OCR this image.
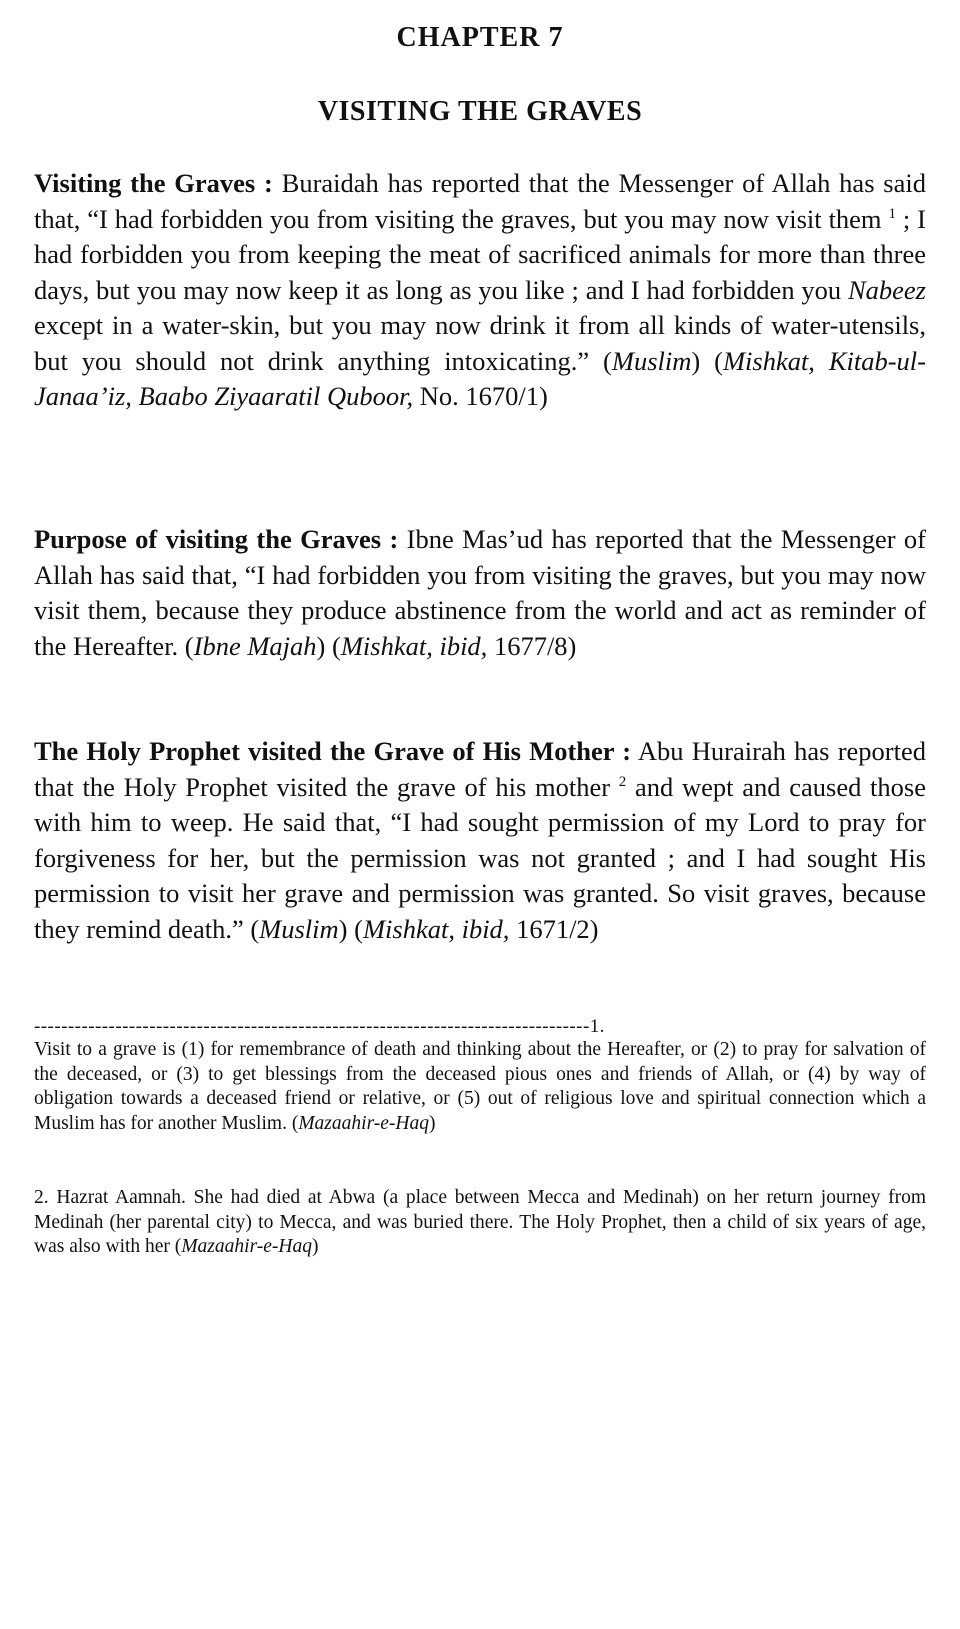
CHAPTER 7
VISITING THE GRAVES

Visiting the Graves : Buraidah has reported that the Messenger of Allah has said that, “I had forbidden you from visiting the graves, but you may now visit them $^1$ ; I had forbidden you from keeping the meat of sacrificed animals for more than three days, but you may now keep it as long as you like ; and I had forbidden you Nabeez except in a water-skin, but you may now drink it from all kinds of water-utensils, but you should not drink anything intoxicating.” (Muslim) (Mishkat, Kitab-ul-Janaa’iz, Baabo Ziyaaratil Quboor, No. 1670/1)

Purpose of visiting the Graves : Ibne Mas’ud has reported that the Messenger of Allah has said that, “I had forbidden you from visiting the graves, but you may now visit them, because they produce abstinence from the world and act as reminder of the Hereafter. (Ibne Majah) (Mishkat, ibid, 1677/8)

The Holy Prophet visited the Grave of His Mother : Abu Hurairah has reported that the Holy Prophet visited the grave of his mother $^2$ and wept and caused those with him to weep. He said that, “I had sought permission of my Lord to pray for forgiveness for her, but the permission was not granted ; and I had sought His permission to visit her grave and permission was granted. So visit graves, because they remind death.” (Muslim) (Mishkat, ibid, 1671/2)

----------------------------------------------------------------------------------1.

Visit to a grave is (1) for remembrance of death and thinking about the Hereafter, or (2) to pray for salvation of the deceased, or (3) to get blessings from the deceased pious ones and friends of Allah, or (4) by way of obligation towards a deceased friend or relative, or (5) out of religious love and spiritual connection which a Muslim has for another Muslim. (Mazaahir-e-Haq)

2. Hazrat Aamnah. She had died at Abwa (a place between Mecca and Medinah) on her return journey from Medinah (her parental city) to Mecca, and was buried there. The Holy Prophet, then a child of six years of age, was also with her (Mazaahir-e-Haq)
